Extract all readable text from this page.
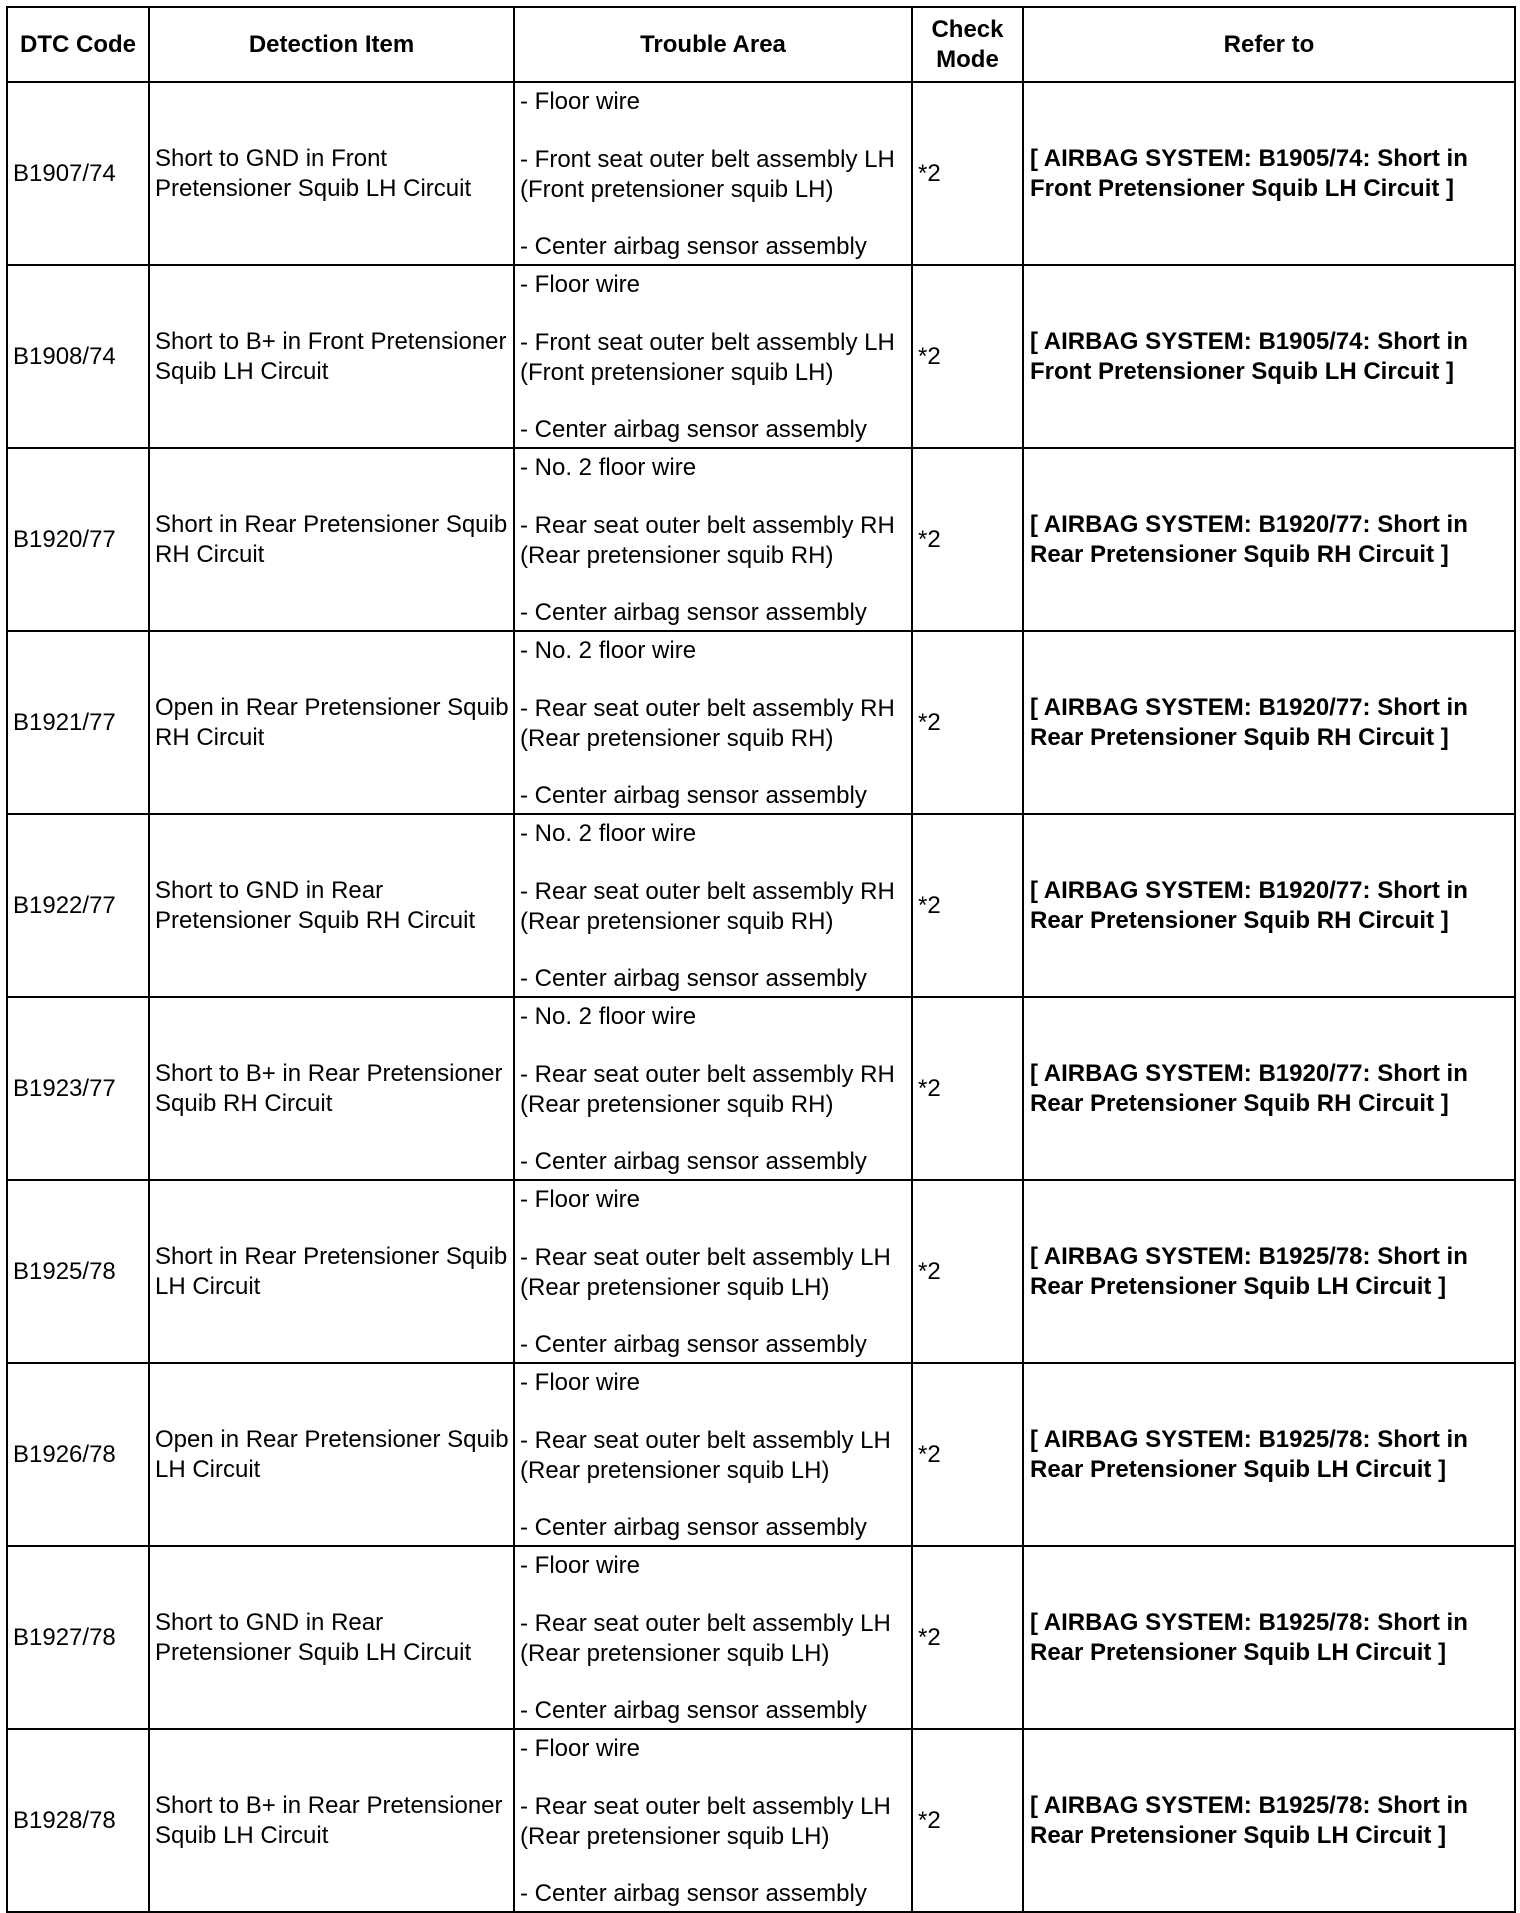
DTC Code	Detection Item	Trouble Area	Check Mode	Refer to
B1907/74	Short to GND in Front Pretensioner Squib LH Circuit	- Floor wire
- Front seat outer belt assembly LH (Front pretensioner squib LH)
- Center airbag sensor assembly	*2	[ AIRBAG SYSTEM: B1905/74: Short in Front Pretensioner Squib LH Circuit ]
B1908/74	Short to B+ in Front Pretensioner Squib LH Circuit	- Floor wire
- Front seat outer belt assembly LH (Front pretensioner squib LH)
- Center airbag sensor assembly	*2	[ AIRBAG SYSTEM: B1905/74: Short in Front Pretensioner Squib LH Circuit ]
B1920/77	Short in Rear Pretensioner Squib RH Circuit	- No. 2 floor wire
- Rear seat outer belt assembly RH (Rear pretensioner squib RH)
- Center airbag sensor assembly	*2	[ AIRBAG SYSTEM: B1920/77: Short in Rear Pretensioner Squib RH Circuit ]
B1921/77	Open in Rear Pretensioner Squib RH Circuit	- No. 2 floor wire
- Rear seat outer belt assembly RH (Rear pretensioner squib RH)
- Center airbag sensor assembly	*2	[ AIRBAG SYSTEM: B1920/77: Short in Rear Pretensioner Squib RH Circuit ]
B1922/77	Short to GND in Rear Pretensioner Squib RH Circuit	- No. 2 floor wire
- Rear seat outer belt assembly RH (Rear pretensioner squib RH)
- Center airbag sensor assembly	*2	[ AIRBAG SYSTEM: B1920/77: Short in Rear Pretensioner Squib RH Circuit ]
B1923/77	Short to B+ in Rear Pretensioner Squib RH Circuit	- No. 2 floor wire
- Rear seat outer belt assembly RH (Rear pretensioner squib RH)
- Center airbag sensor assembly	*2	[ AIRBAG SYSTEM: B1920/77: Short in Rear Pretensioner Squib RH Circuit ]
B1925/78	Short in Rear Pretensioner Squib LH Circuit	- Floor wire
- Rear seat outer belt assembly LH (Rear pretensioner squib LH)
- Center airbag sensor assembly	*2	[ AIRBAG SYSTEM: B1925/78: Short in Rear Pretensioner Squib LH Circuit ]
B1926/78	Open in Rear Pretensioner Squib LH Circuit	- Floor wire
- Rear seat outer belt assembly LH (Rear pretensioner squib LH)
- Center airbag sensor assembly	*2	[ AIRBAG SYSTEM: B1925/78: Short in Rear Pretensioner Squib LH Circuit ]
B1927/78	Short to GND in Rear Pretensioner Squib LH Circuit	- Floor wire
- Rear seat outer belt assembly LH (Rear pretensioner squib LH)
- Center airbag sensor assembly	*2	[ AIRBAG SYSTEM: B1925/78: Short in Rear Pretensioner Squib LH Circuit ]
B1928/78	Short to B+ in Rear Pretensioner Squib LH Circuit	- Floor wire
- Rear seat outer belt assembly LH (Rear pretensioner squib LH)
- Center airbag sensor assembly	*2	[ AIRBAG SYSTEM: B1925/78: Short in Rear Pretensioner Squib LH Circuit ]
